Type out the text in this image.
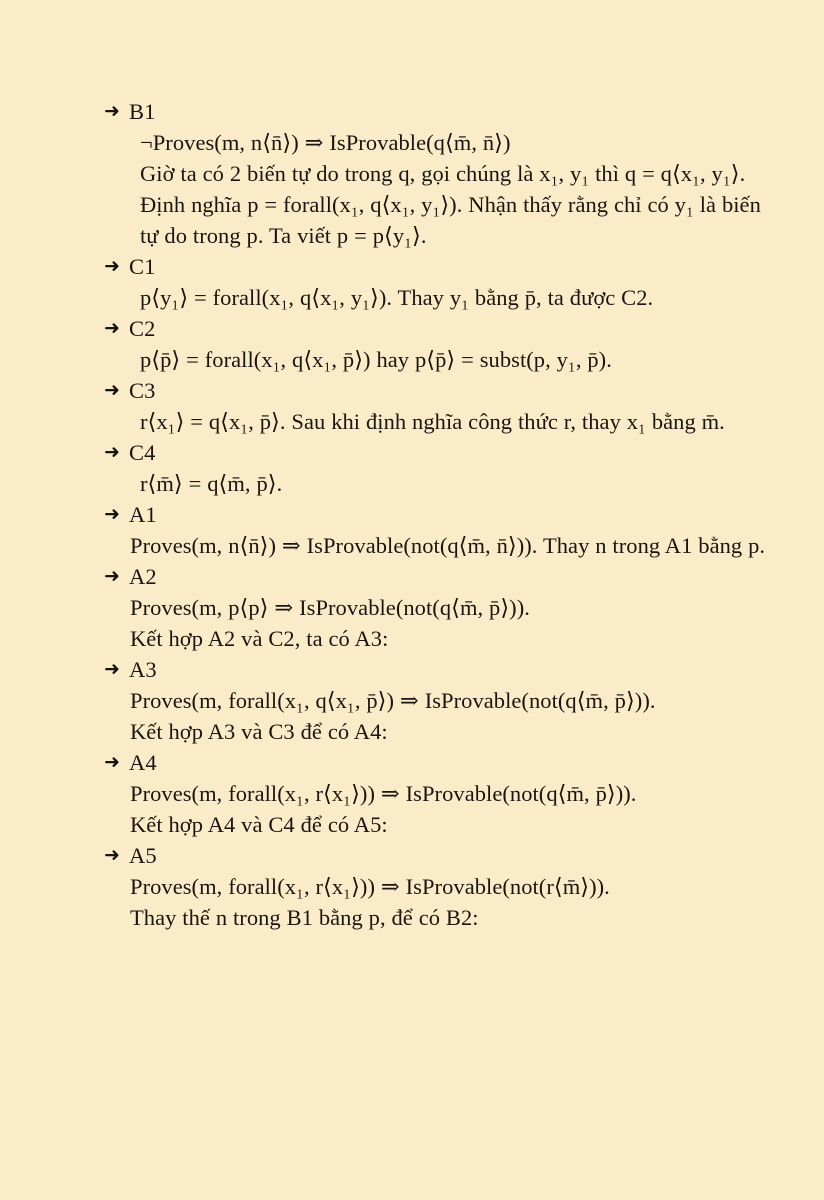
➜ B1
¬Proves(m, n⟨n̄⟩) ⇒ IsProvable(q⟨m̄, n̄⟩)
Giờ ta có 2 biến tự do trong q, gọi chúng là x₁, y₁ thì q = q⟨x₁, y₁⟩.
Định nghĩa p = forall(x₁, q⟨x₁, y₁⟩). Nhận thấy rằng chỉ có y₁ là biến tự do trong p. Ta viết p = p⟨y₁⟩.
➜ C1
p⟨y₁⟩ = forall(x₁, q⟨x₁, y₁⟩). Thay y₁ bằng p̄, ta được C2.
➜ C2
p⟨p̄⟩ = forall(x₁, q⟨x₁, p̄⟩) hay p⟨p̄⟩ = subst(p, y₁, p̄).
➜ C3
r⟨x₁⟩ = q⟨x₁, p̄⟩. Sau khi định nghĩa công thức r, thay x₁ bằng m̄.
➜ C4
r⟨m̄⟩ = q⟨m̄, p̄⟩.
➜ A1
Proves(m, n⟨n̄⟩) ⇒ IsProvable(not(q⟨m̄, n̄⟩)). Thay n trong A1 bằng p.
➜ A2
Proves(m, p⟨p⟩ ⇒ IsProvable(not(q⟨m̄, p̄⟩)).
Kết hợp A2 và C2, ta có A3:
➜ A3
Proves(m, forall(x₁, q⟨x₁, p̄⟩) ⇒ IsProvable(not(q⟨m̄, p̄⟩)).
Kết hợp A3 và C3 để có A4:
➜ A4
Proves(m, forall(x₁, r⟨x₁⟩)) ⇒ IsProvable(not(q⟨m̄, p̄⟩)).
Kết hợp A4 và C4 để có A5:
➜ A5
Proves(m, forall(x₁, r⟨x₁⟩)) ⇒ IsProvable(not(r⟨m̄⟩)).
Thay thế n trong B1 bằng p, để có B2:
